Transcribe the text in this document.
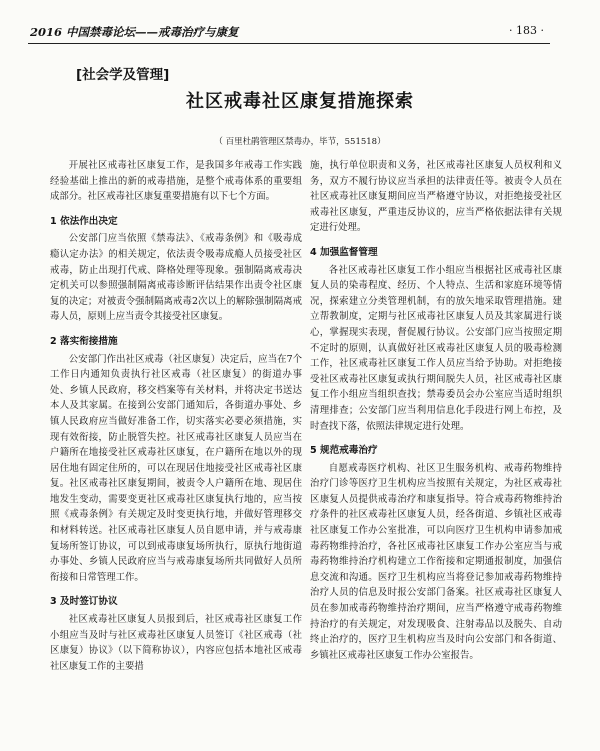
2016 中国禁毒论坛——戒毒治疗与康复	· 183 ·
[社会学及管理]
社区戒毒社区康复措施探索
（ 百里杜鹃管理区禁毒办，毕节，551518）

开展社区戒毒社区康复工作，是我国多年戒毒工作实践经验基础上推出的新的戒毒措施，是整个戒毒体系的重要组成部分。社区戒毒社区康复重要措施有以下七个方面。

1 依法作出决定

公安部门应当依照《禁毒法》、《戒毒条例》和《吸毒成瘾认定办法》的相关规定，依法责令吸毒成瘾人员接受社区戒毒，防止出现打代戒、降格处理等现象。强制隔离戒毒决定机关可以参照强制隔离戒毒诊断评估结果作出责令社区康复的决定；对被责令强制隔离戒毒2次以上的解除强制隔离戒毒人员，原则上应当责令其接受社区康复。

2 落实衔接措施

公安部门作出社区戒毒（社区康复）决定后，应当在7个工作日内通知负责执行社区戒毒（社区康复）的街道办事处、乡镇人民政府，移交档案等有关材料，并将决定书送达本人及其家属。在接到公安部门通知后，各街道办事处、乡镇人民政府应当做好准备工作，切实落实必要必须措施，实现有效衔接，防止脱管失控。社区戒毒社区康复人员应当在户籍所在地接受社区戒毒社区康复，在户籍所在地以外的现居住地有固定住所的，可以在现居住地接受社区戒毒社区康复。社区戒毒社区康复期间，被责令人户籍所在地、现居住地发生变动，需要变更社区戒毒社区康复执行地的，应当按照《戒毒条例》有关规定及时变更执行地，并做好管理移交和材料转送。社区戒毒社区康复人员自愿申请，并与戒毒康复场所签订协议，可以到戒毒康复场所执行，原执行地街道办事处、乡镇人民政府应当与戒毒康复场所共同做好人员所衔接和日常管理工作。

3 及时签订协议

社区戒毒社区康复人员报到后，社区戒毒社区康复工作小组应当及时与社区戒毒社区康复人员签订《社区戒毒（社区康复）协议》（以下简称协议），内容应包括本地社区戒毒社区康复工作的主要措

施，执行单位职责和义务，社区戒毒社区康复人员权利和义务，双方不履行协议应当承担的法律责任等。被责令人员在社区戒毒社区康复期间应当严格遵守协议，对拒绝接受社区戒毒社区康复，严重违反协议的，应当严格依据法律有关规定进行处理。

4 加强监督管理

各社区戒毒社区康复工作小组应当根据社区戒毒社区康复人员的染毒程度、经历、个人特点、生活和家庭环境等情况，探索建立分类管理机制，有的放矢地采取管理措施。建立帮教制度，定期与社区戒毒社区康复人员及其家属进行谈心，掌握现实表现，督促履行协议。公安部门应当按照定期不定时的原则，认真做好社区戒毒社区康复人员的吸毒检测工作，社区戒毒社区康复工作人员应当给予协助。对拒绝接受社区戒毒社区康复或执行期间脱失人员，社区戒毒社区康复工作小组应当组织查找；禁毒委员会办公室应当适时组织清理排查；公安部门应当利用信息化手段进行网上布控，及时查找下落，依照法律规定进行处理。

5 规范戒毒治疗

自愿戒毒医疗机构、社区卫生服务机构、戒毒药物维持治疗门诊等医疗卫生机构应当按照有关规定，为社区戒毒社区康复人员提供戒毒治疗和康复指导。符合戒毒药物维持治疗条件的社区戒毒社区康复人员，经各街道、乡镇社区戒毒社区康复工作办公室批准，可以向医疗卫生机构申请参加戒毒药物维持治疗，各社区戒毒社区康复工作办公室应当与戒毒药物维持治疗机构建立工作衔接和定期通报制度，加强信息交流和沟通。医疗卫生机构应当将登记参加戒毒药物维持治疗人员的信息及时报公安部门备案。社区戒毒社区康复人员在参加戒毒药物维持治疗期间，应当严格遵守戒毒药物维持治疗的有关规定，对发现吸食、注射毒品以及脱失、自动终止治疗的，医疗卫生机构应当及时向公安部门和各街道、乡镇社区戒毒社区康复工作办公室报告。
